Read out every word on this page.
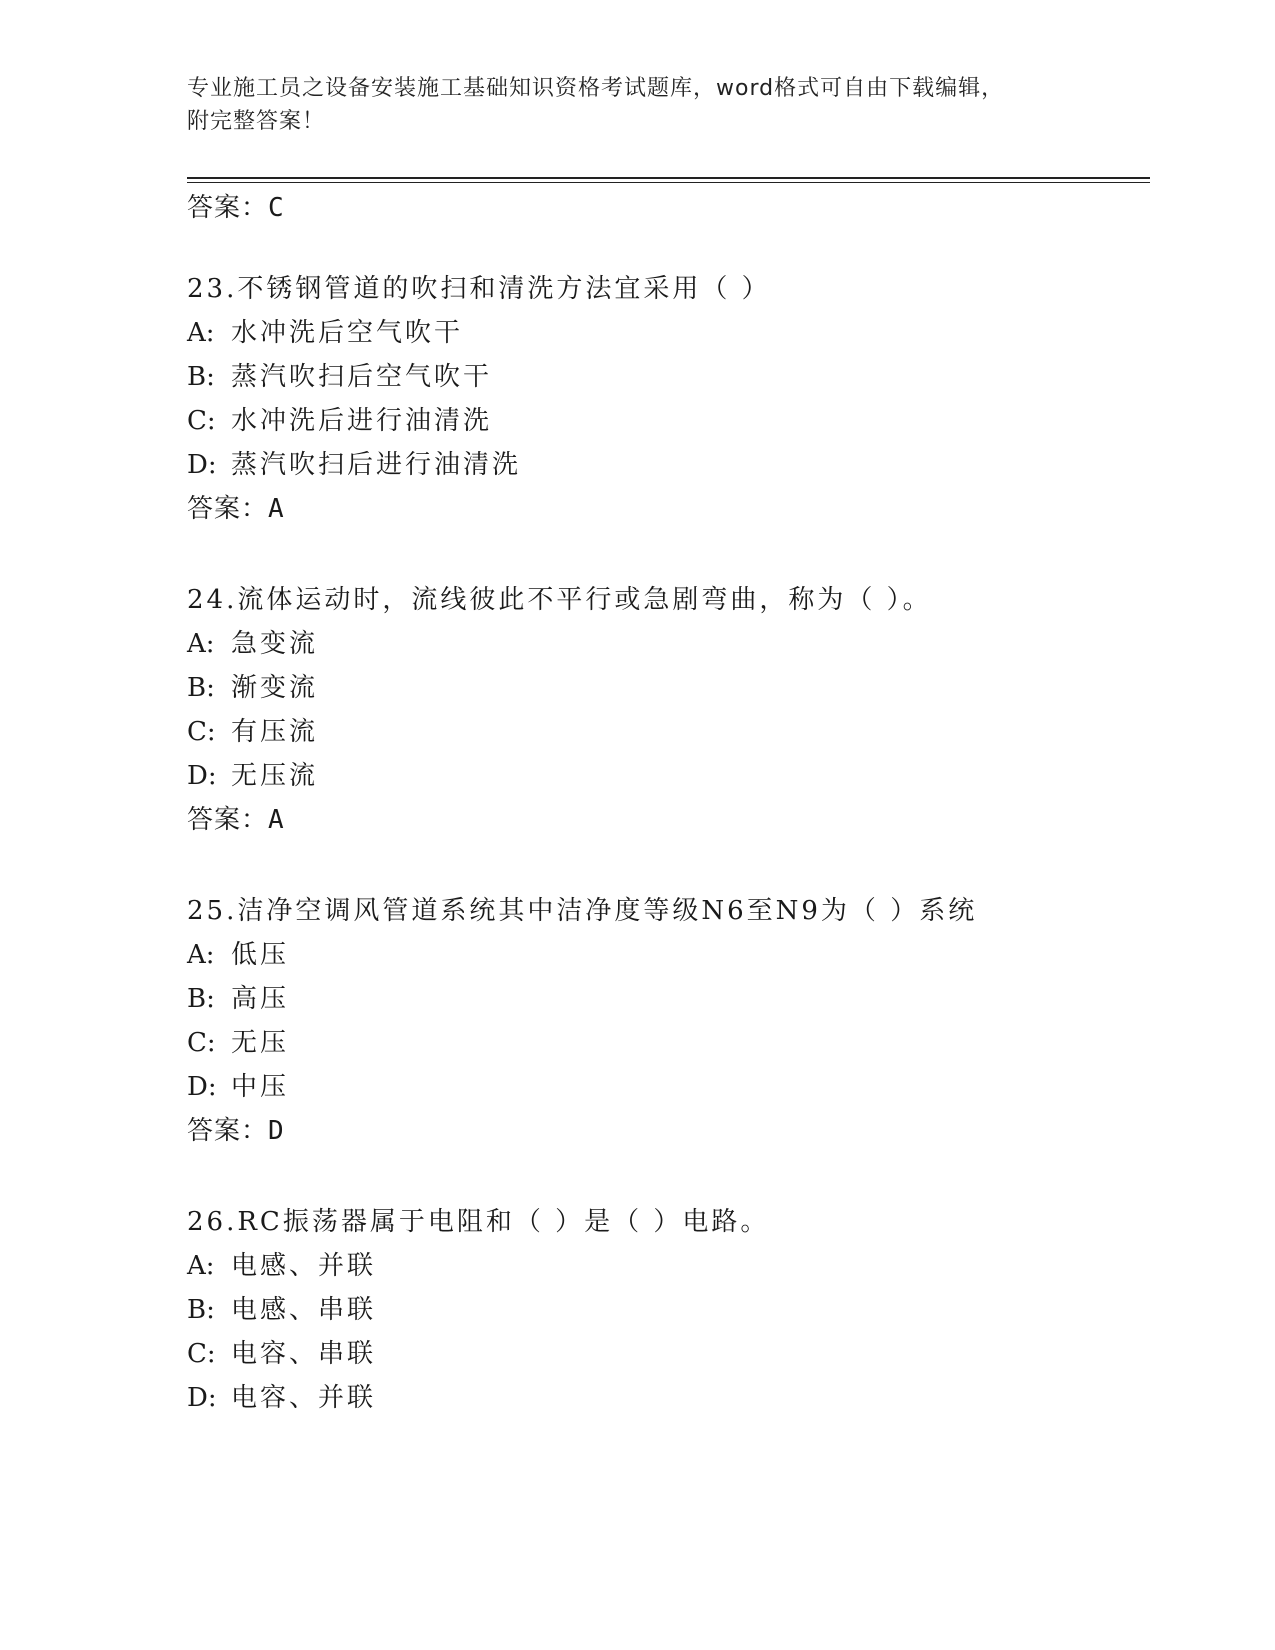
专业施工员之设备安装施工基础知识资格考试题库，word格式可自由下载编辑，
附完整答案！
答案：C
23.不锈钢管道的吹扫和清洗方法宜采用（ ）
A: 水冲洗后空气吹干
B: 蒸汽吹扫后空气吹干
C: 水冲洗后进行油清洗
D: 蒸汽吹扫后进行油清洗
答案：A
24.流体运动时，流线彼此不平行或急剧弯曲，称为（ ）。
A: 急变流
B: 渐变流
C: 有压流
D: 无压流
答案：A
25.洁净空调风管道系统其中洁净度等级N6至N9为（ ）系统
A: 低压
B: 高压
C: 无压
D: 中压
答案：D
26.RC振荡器属于电阻和（ ）是（ ）电路。
A: 电感、并联
B: 电感、串联
C: 电容、串联
D: 电容、并联
